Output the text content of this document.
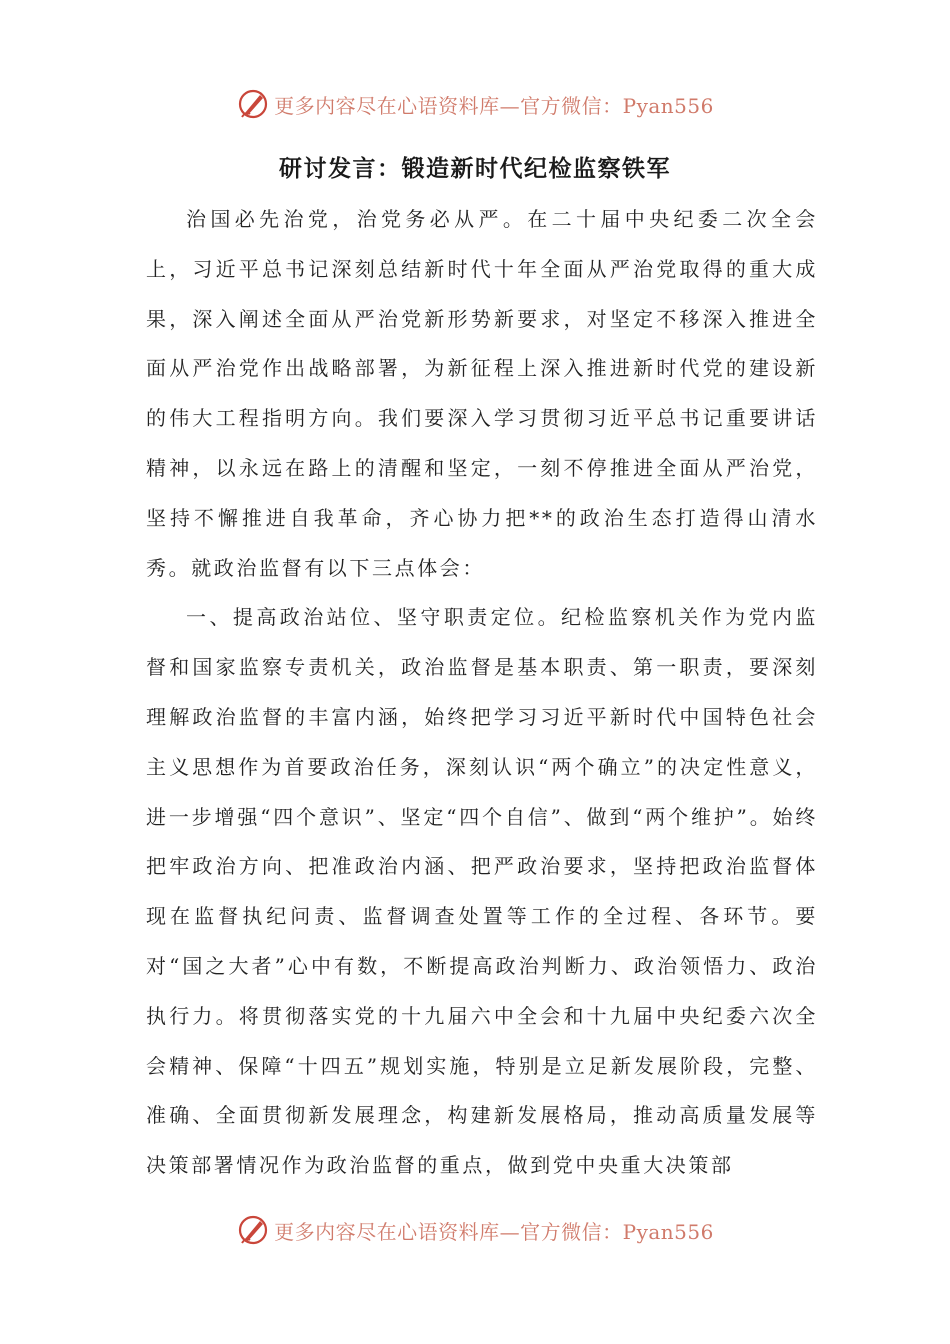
更多内容尽在心语资料库—官方微信：Pyan556
研讨发言：锻造新时代纪检监察铁军

治国必先治党，治党务必从严。在二十届中央纪委二次全会上，习近平总书记深刻总结新时代十年全面从严治党取得的重大成果，深入阐述全面从严治党新形势新要求，对坚定不移深入推进全面从严治党作出战略部署，为新征程上深入推进新时代党的建设新的伟大工程指明方向。我们要深入学习贯彻习近平总书记重要讲话精神，以永远在路上的清醒和坚定，一刻不停推进全面从严治党，坚持不懈推进自我革命，齐心协力把**的政治生态打造得山清水秀。就政治监督有以下三点体会：

一、提高政治站位、坚守职责定位。纪检监察机关作为党内监督和国家监察专责机关，政治监督是基本职责、第一职责，要深刻理解政治监督的丰富内涵，始终把学习习近平新时代中国特色社会主义思想作为首要政治任务，深刻认识“两个确立”的决定性意义，进一步增强“四个意识”、坚定“四个自信”、做到“两个维护”。始终把牢政治方向、把准政治内涵、把严政治要求，坚持把政治监督体现在监督执纪问责、监督调查处置等工作的全过程、各环节。要对“国之大者”心中有数，不断提高政治判断力、政治领悟力、政治执行力。将贯彻落实党的十九届六中全会和十九届中央纪委六次全会精神、保障“十四五”规划实施，特别是立足新发展阶段，完整、准确、全面贯彻新发展理念，构建新发展格局，推动高质量发展等决策部署情况作为政治监督的重点，做到党中央重大决策部

更多内容尽在心语资料库—官方微信：Pyan556
